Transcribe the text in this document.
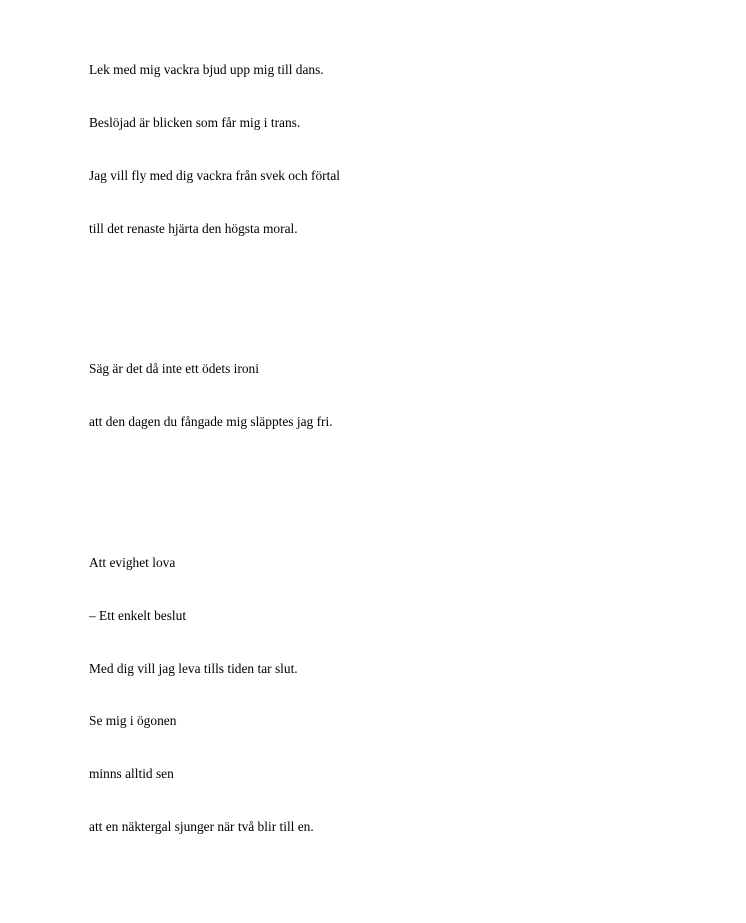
Lek med mig vackra bjud upp mig till dans.

Beslöjad är blicken som får mig i trans.

Jag vill fly med dig vackra från svek och förtal

till det renaste hjärta den högsta moral.

Säg är det då inte ett ödets ironi

att den dagen du fångade mig släpptes jag fri.

Att evighet lova

– Ett enkelt beslut

Med dig vill jag leva tills tiden tar slut.

Se mig i ögonen

minns alltid sen

att en näktergal sjunger när två blir till en.
